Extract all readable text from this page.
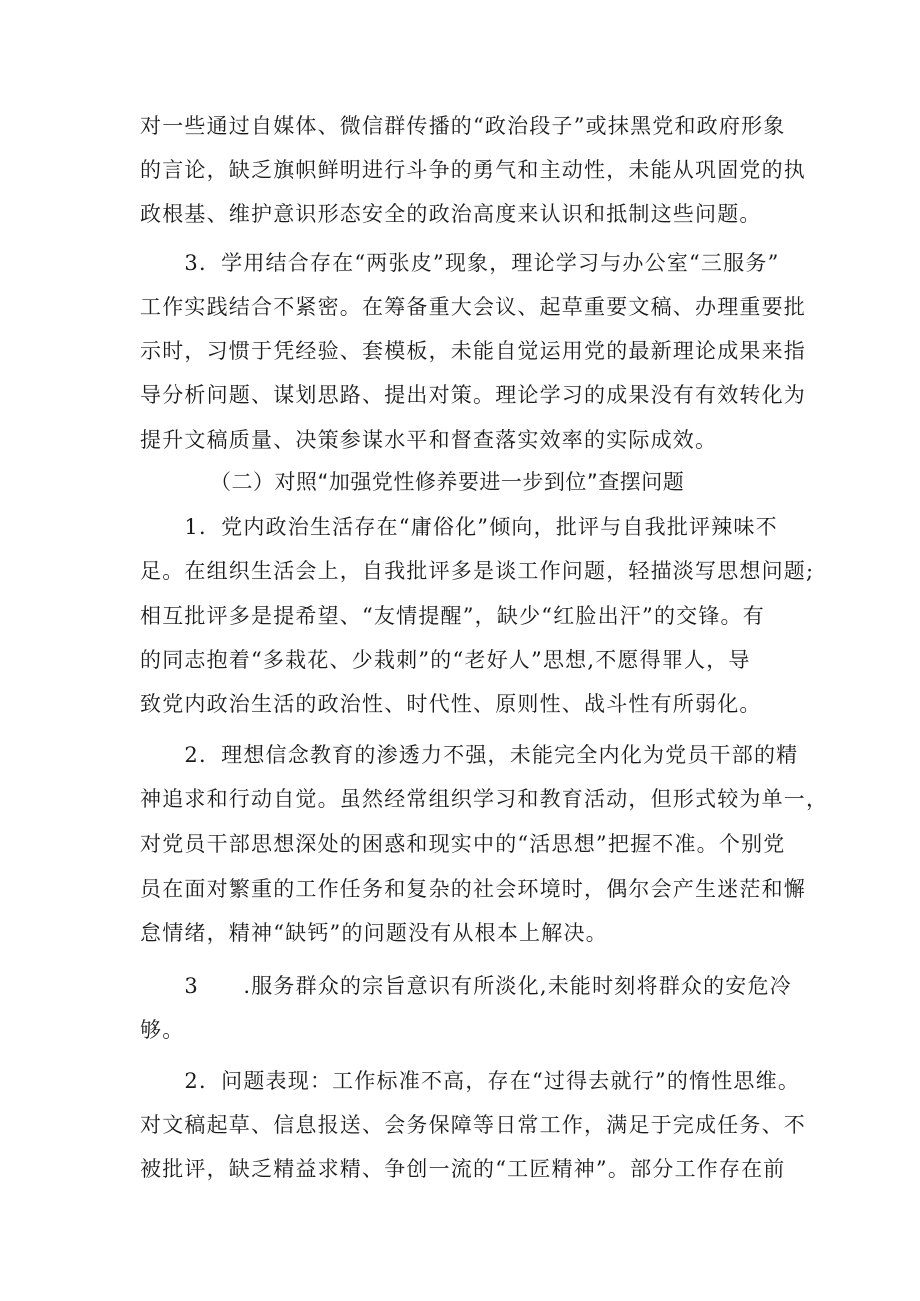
对一些通过自媒体、微信群传播的“政治段子”或抹黑党和政府形象
的言论，缺乏旗帜鲜明进行斗争的勇气和主动性，未能从巩固党的执
政根基、维护意识形态安全的政治高度来认识和抵制这些问题。
　　3．学用结合存在“两张皮”现象，理论学习与办公室“三服务”
工作实践结合不紧密。在筹备重大会议、起草重要文稿、办理重要批
示时，习惯于凭经验、套模板，未能自觉运用党的最新理论成果来指
导分析问题、谋划思路、提出对策。理论学习的成果没有有效转化为
提升文稿质量、决策参谋水平和督查落实效率的实际成效。
（二）对照“加强党性修养要进一步到位”查摆问题
　　1．党内政治生活存在“庸俗化”倾向，批评与自我批评辣味不
足。在组织生活会上，自我批评多是谈工作问题，轻描淡写思想问题;
相互批评多是提希望、“友情提醒”，缺少“红脸出汗”的交锋。有
的同志抱着“多栽花、少栽刺”的“老好人”思想,不愿得罪人，导
致党内政治生活的政治性、时代性、原则性、战斗性有所弱化。
　　2．理想信念教育的渗透力不强，未能完全内化为党员干部的精
神追求和行动自觉。虽然经常组织学习和教育活动，但形式较为单一，
对党员干部思想深处的困惑和现实中的“活思想”把握不准。个别党
员在面对繁重的工作任务和复杂的社会环境时，偶尔会产生迷茫和懈
怠情绪，精神“缺钙”的问题没有从根本上解决。
　　3　　.服务群众的宗旨意识有所淡化,未能时刻将群众的安危冷
够。
　　2．问题表现：工作标准不高，存在“过得去就行”的惰性思维。
对文稿起草、信息报送、会务保障等日常工作，满足于完成任务、不
被批评，缺乏精益求精、争创一流的“工匠精神”。部分工作存在前
